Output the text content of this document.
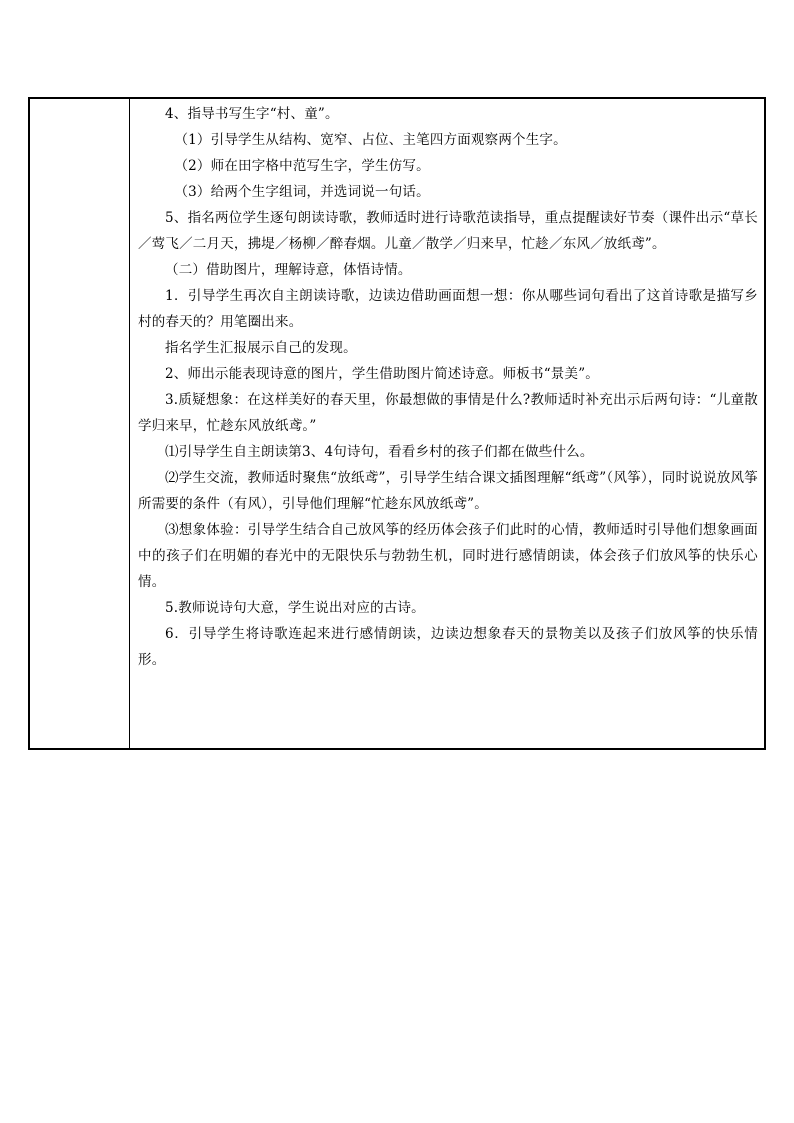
4、指导书写生字“村、童”。

（1）引导学生从结构、宽窄、占位、主笔四方面观察两个生字。

（2）师在田字格中范写生字，学生仿写。

（3）给两个生字组词，并选词说一句话。

5、指名两位学生逐句朗读诗歌，教师适时进行诗歌范读指导，重点提醒读好节奏（课件出示“草长／莺飞／二月天，拂堤／杨柳／醉春烟。儿童／散学／归来早，忙趁／东风／放纸鸢”。

（二）借助图片，理解诗意，体悟诗情。

1．引导学生再次自主朗读诗歌，边读边借助画面想一想：你从哪些词句看出了这首诗歌是描写乡村的春天的？用笔圈出来。

指名学生汇报展示自己的发现。

2、师出示能表现诗意的图片，学生借助图片简述诗意。师板书“景美”。

3.质疑想象：在这样美好的春天里，你最想做的事情是什么?教师适时补充出示后两句诗：“儿童散学归来早，忙趁东风放纸鸢。”

⑴引导学生自主朗读第3、4句诗句，看看乡村的孩子们都在做些什么。

⑵学生交流，教师适时聚焦“放纸鸢”，引导学生结合课文插图理解“纸鸢”（风筝），同时说说放风筝所需要的条件（有风），引导他们理解“忙趁东风放纸鸢”。

⑶想象体验：引导学生结合自己放风筝的经历体会孩子们此时的心情，教师适时引导他们想象画面中的孩子们在明媚的春光中的无限快乐与勃勃生机，同时进行感情朗读，体会孩子们放风筝的快乐心情。

5.教师说诗句大意，学生说出对应的古诗。

6．引导学生将诗歌连起来进行感情朗读，边读边想象春天的景物美以及孩子们放风筝的快乐情形。
